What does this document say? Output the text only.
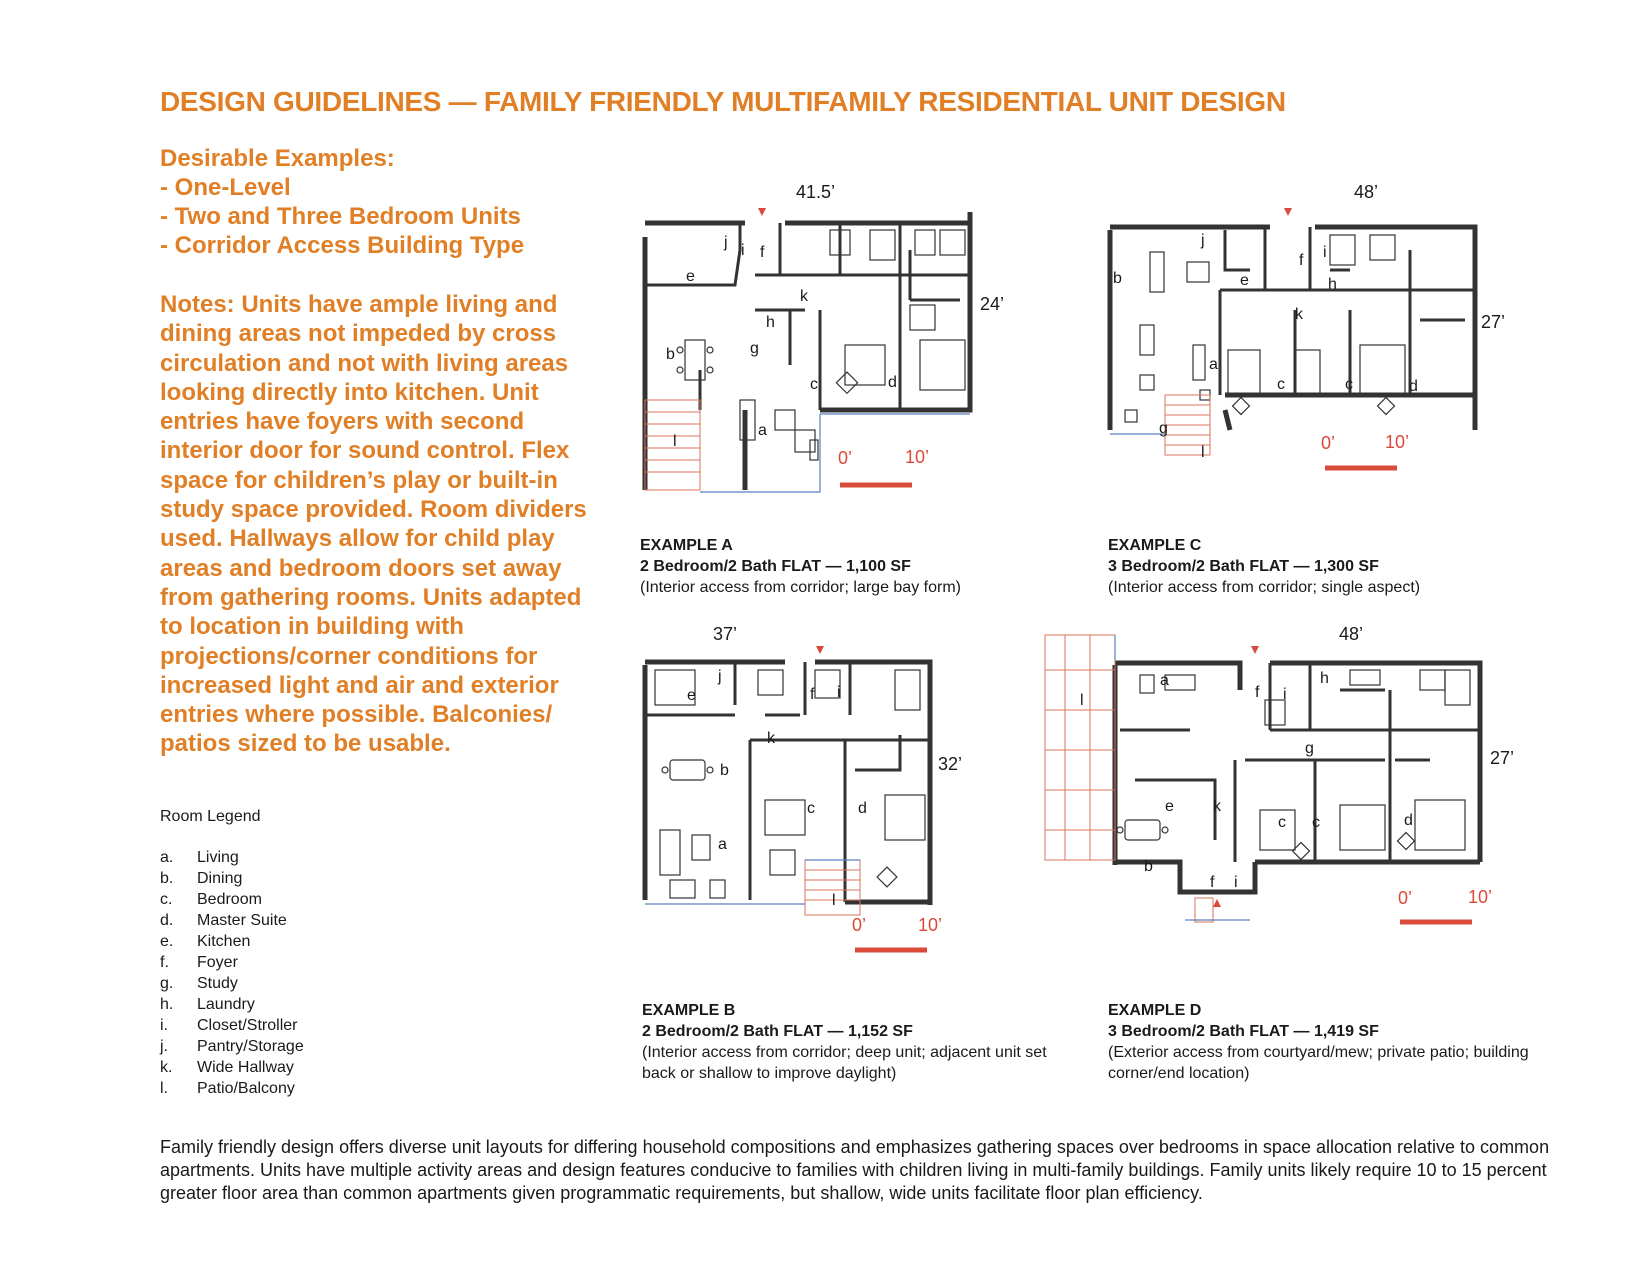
DESIGN GUIDELINES — FAMILY FRIENDLY MULTIFAMILY RESIDENTIAL UNIT DESIGN
Desirable Examples:
- One-Level
- Two and Three Bedroom Units
- Corridor Access Building Type
Notes: Units have ample living and dining areas not impeded by cross circulation and not with living areas looking directly into kitchen. Unit entries have foyers with second interior door for sound control. Flex space for children’s play or built-in study space provided. Room dividers used. Hallways allow for child play areas and bedroom doors set away from gathering rooms. Units adapted to location in building with projections/corner conditions for increased light and air and exterior entries where possible. Balconies/ patios sized to be usable.
Room Legend
a.	Living
b.	Dining
c.	Bedroom
d.	Master Suite
e.	Kitchen
f.	Foyer
g.	Study
h.	Laundry
i.	Closet/Stroller
j.	Pantry/Storage
k.	Wide Hallway
l.	Patio/Balcony
41.5’
24’
0’	10’
e
j i f
k
h
g
b
c	d
a
l
EXAMPLE A
2 Bedroom/2 Bath FLAT — 1,100 SF
(Interior access from corridor; large bay form)
48’
27’
0’	10’
j
b	e
f i
h
k
a
c	c	d
g
l
EXAMPLE C
3 Bedroom/2 Bath FLAT — 1,300 SF
(Interior access from corridor; single aspect)
37’
32’
0’	10’
j
e	f i
k
b
a
c	d
l
EXAMPLE B
2 Bedroom/2 Bath FLAT — 1,152 SF
(Interior access from corridor; deep unit; adjacent unit set back or shallow to improve daylight)
48’
27’
0’	10’
l
a
f i
h
g
e k
c c	d
b
f i
EXAMPLE D
3 Bedroom/2 Bath FLAT — 1,419 SF
(Exterior access from courtyard/mew; private patio; building corner/end location)
Family friendly design offers diverse unit layouts for differing household compositions and emphasizes gathering spaces over bedrooms in space allocation relative to common apartments. Units have multiple activity areas and design features conducive to families with children living in multi-family buildings. Family units likely require 10 to 15 percent greater floor area than common apartments given programmatic requirements, but shallow, wide units facilitate floor plan efficiency.
